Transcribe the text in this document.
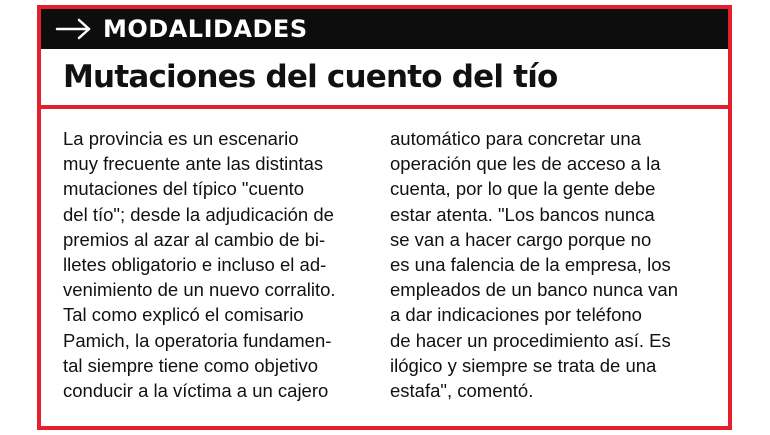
MODALIDADES
Mutaciones del cuento del tío
La provincia es un escenario
muy frecuente ante las distintas
mutaciones del típico "cuento
del tío"; desde la adjudicación de
premios al azar al cambio de bi-
lletes obligatorio e incluso el ad-
venimiento de un nuevo corralito.
Tal como explicó el comisario
Pamich, la operatoria fundamen-
tal siempre tiene como objetivo
conducir a la víctima a un cajero
automático para concretar una
operación que les de acceso a la
cuenta, por lo que la gente debe
estar atenta. "Los bancos nunca
se van a hacer cargo porque no
es una falencia de la empresa, los
empleados de un banco nunca van
a dar indicaciones por teléfono
de hacer un procedimiento así. Es
ilógico y siempre se trata de una
estafa", comentó.
